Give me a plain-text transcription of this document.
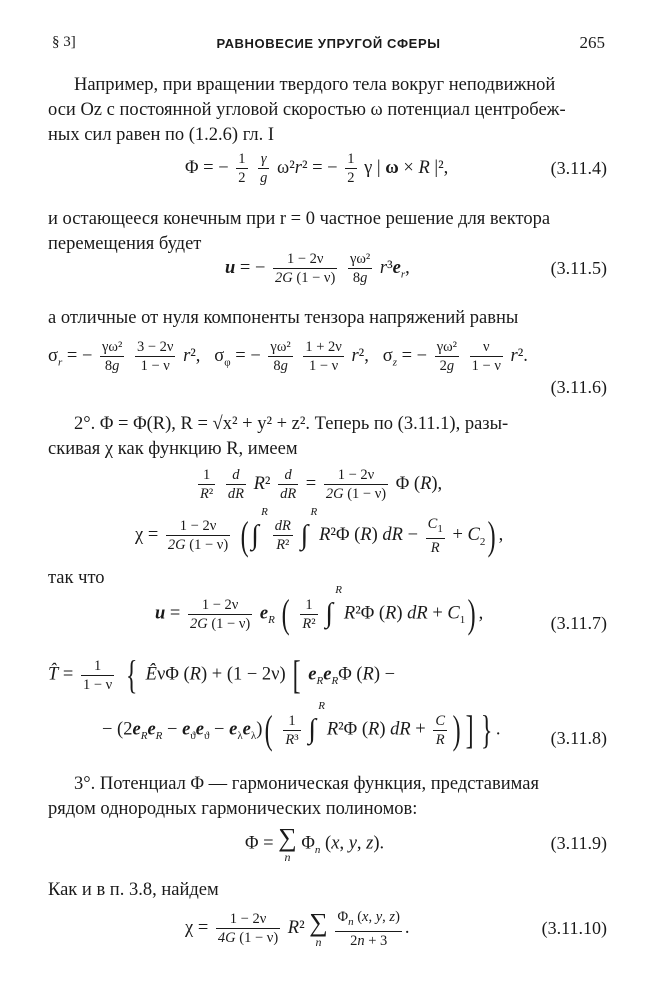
§ 3]	РАВНОВЕСИЕ УПРУГОЙ СФЕРЫ	265
Например, при вращении твердого тела вокруг неподвижной
оси Oz с постоянной угловой скоростью ω потенциал центробеж-
ных сил равен по (1.2.6) гл. I
Φ = − $\frac{1}{2}$
$\frac{\gamma}{g} \omega^2r^2$ = − $\frac{1}{2}$ γ | ω × R |²,	(3.11.4)
и остающееся конечным при r = 0 частное решение для вектора
перемещения будет
u = − $\frac{1 - 2\nu}{2G (1 - \nu)}$
$\frac{\text{γω²}}{8g} r^3e_r$,	(3.11.5)
а отличные от нуля компоненты тензора напряжений равны
$\sigma_r$ = − $\frac{\text{γω²}}{8g}$
$\frac{3 - 2\nu}{1 - \nu} r^2$,   $\sigma_\varphi$ = − $\frac{\text{γω²}}{8g}$
$\frac{1 + 2\nu}{1 - \nu} r^2$,   $\sigma_z$ = − $\frac{\text{γω²}}{2g}$
$\frac{\nu}{1 - \nu} r^2$.
(3.11.6)
2°. Φ = Φ(R), R = √x² + y² + z². Теперь по (3.11.1), разы-
скивая χ как функцию R, имеем
$\frac{1}{\text{R²}}$
$\frac{d}{dR} R^2 \frac{d}{dR} = \frac{1 - 2\nu}{2G (1 - \nu)}$ Φ (R),
$\chi = \frac{1 - 2\nu}{2G (1 - \nu)}$ (∫
R

$\frac{dR}{\text{R²}}$ ∫
R
R²Φ (R) dR − $\frac{C_1}{R} + C_2$) ,
так что
$u = \frac{1 - 2\nu}{2G (1 - \nu)} e_R$ ( $\frac{1}{\text{R²}}$ ∫
R
R²Φ (R) dR + $C_1$) ,	(3.11.7)
T̂ = $\frac{1}{1 - \nu}$ { ÊνΦ (R) + (1 − 2ν) [ $e_Re_R\Phi$ (R) −
− $(2e_Re_R - e_ϑe_ϑ - e_\lambda e_\lambda)( \frac{1}{\text{R³}}$ ∫
R
R²Φ (R) dR + $\frac{C}{R}$ ) ] } .	(3.11.8)
3°. Потенциал Φ — гармоническая функция, представимая
рядом однородных гармонических полиномов:
Φ = ∑
n
$\Phi_n$ (x, y, z).	(3.11.9)
Как и в п. 3.8, найдем
$\chi = \frac{1 - 2\nu}{4G (1 - \nu)} R^2$ ∑
n
$\frac{\Phi_n (x, y, z)}{2n + 3}$ .	(3.11.10)
